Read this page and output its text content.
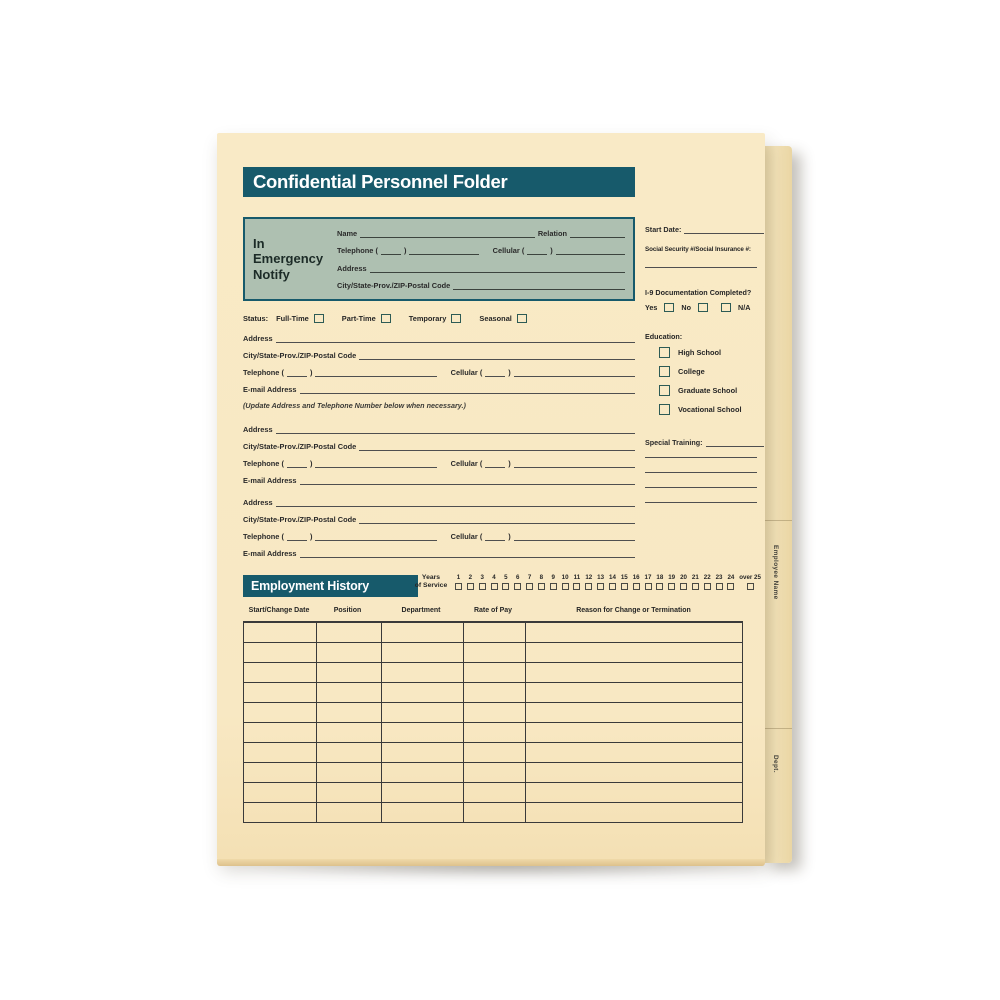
Employee Name
Dept.
Confidential Personnel Folder
In Emergency
Notify
Name	Relation
Telephone (	)	Cellular (	)
Address
City/State-Prov./ZIP-Postal Code
Status: Full-Time	Part-Time	Temporary	Seasonal
Address
City/State-Prov./ZIP-Postal Code
Telephone (	)	Cellular (	)
E-mail Address
(Update Address and Telephone Number below when necessary.)
Address
City/State-Prov./ZIP-Postal Code
Telephone (	)	Cellular (	)
E-mail Address
Address
City/State-Prov./ZIP-Postal Code
Telephone (	)	Cellular (	)
E-mail Address
Start Date:
Social Security #/Social Insurance #:
I-9 Documentation Completed?
Yes	No	N/A
Education:
High School
College
Graduate School
Vocational School
Special Training:
Employment History
Years
of Service
1 2 3 4 5 6 7 8 9 10 11 12 13 14 15 16 17 18 19 20 21 22 23 24 over 25
Start/Change Date	Position	Department	Rate of Pay	Reason for Change or Termination
